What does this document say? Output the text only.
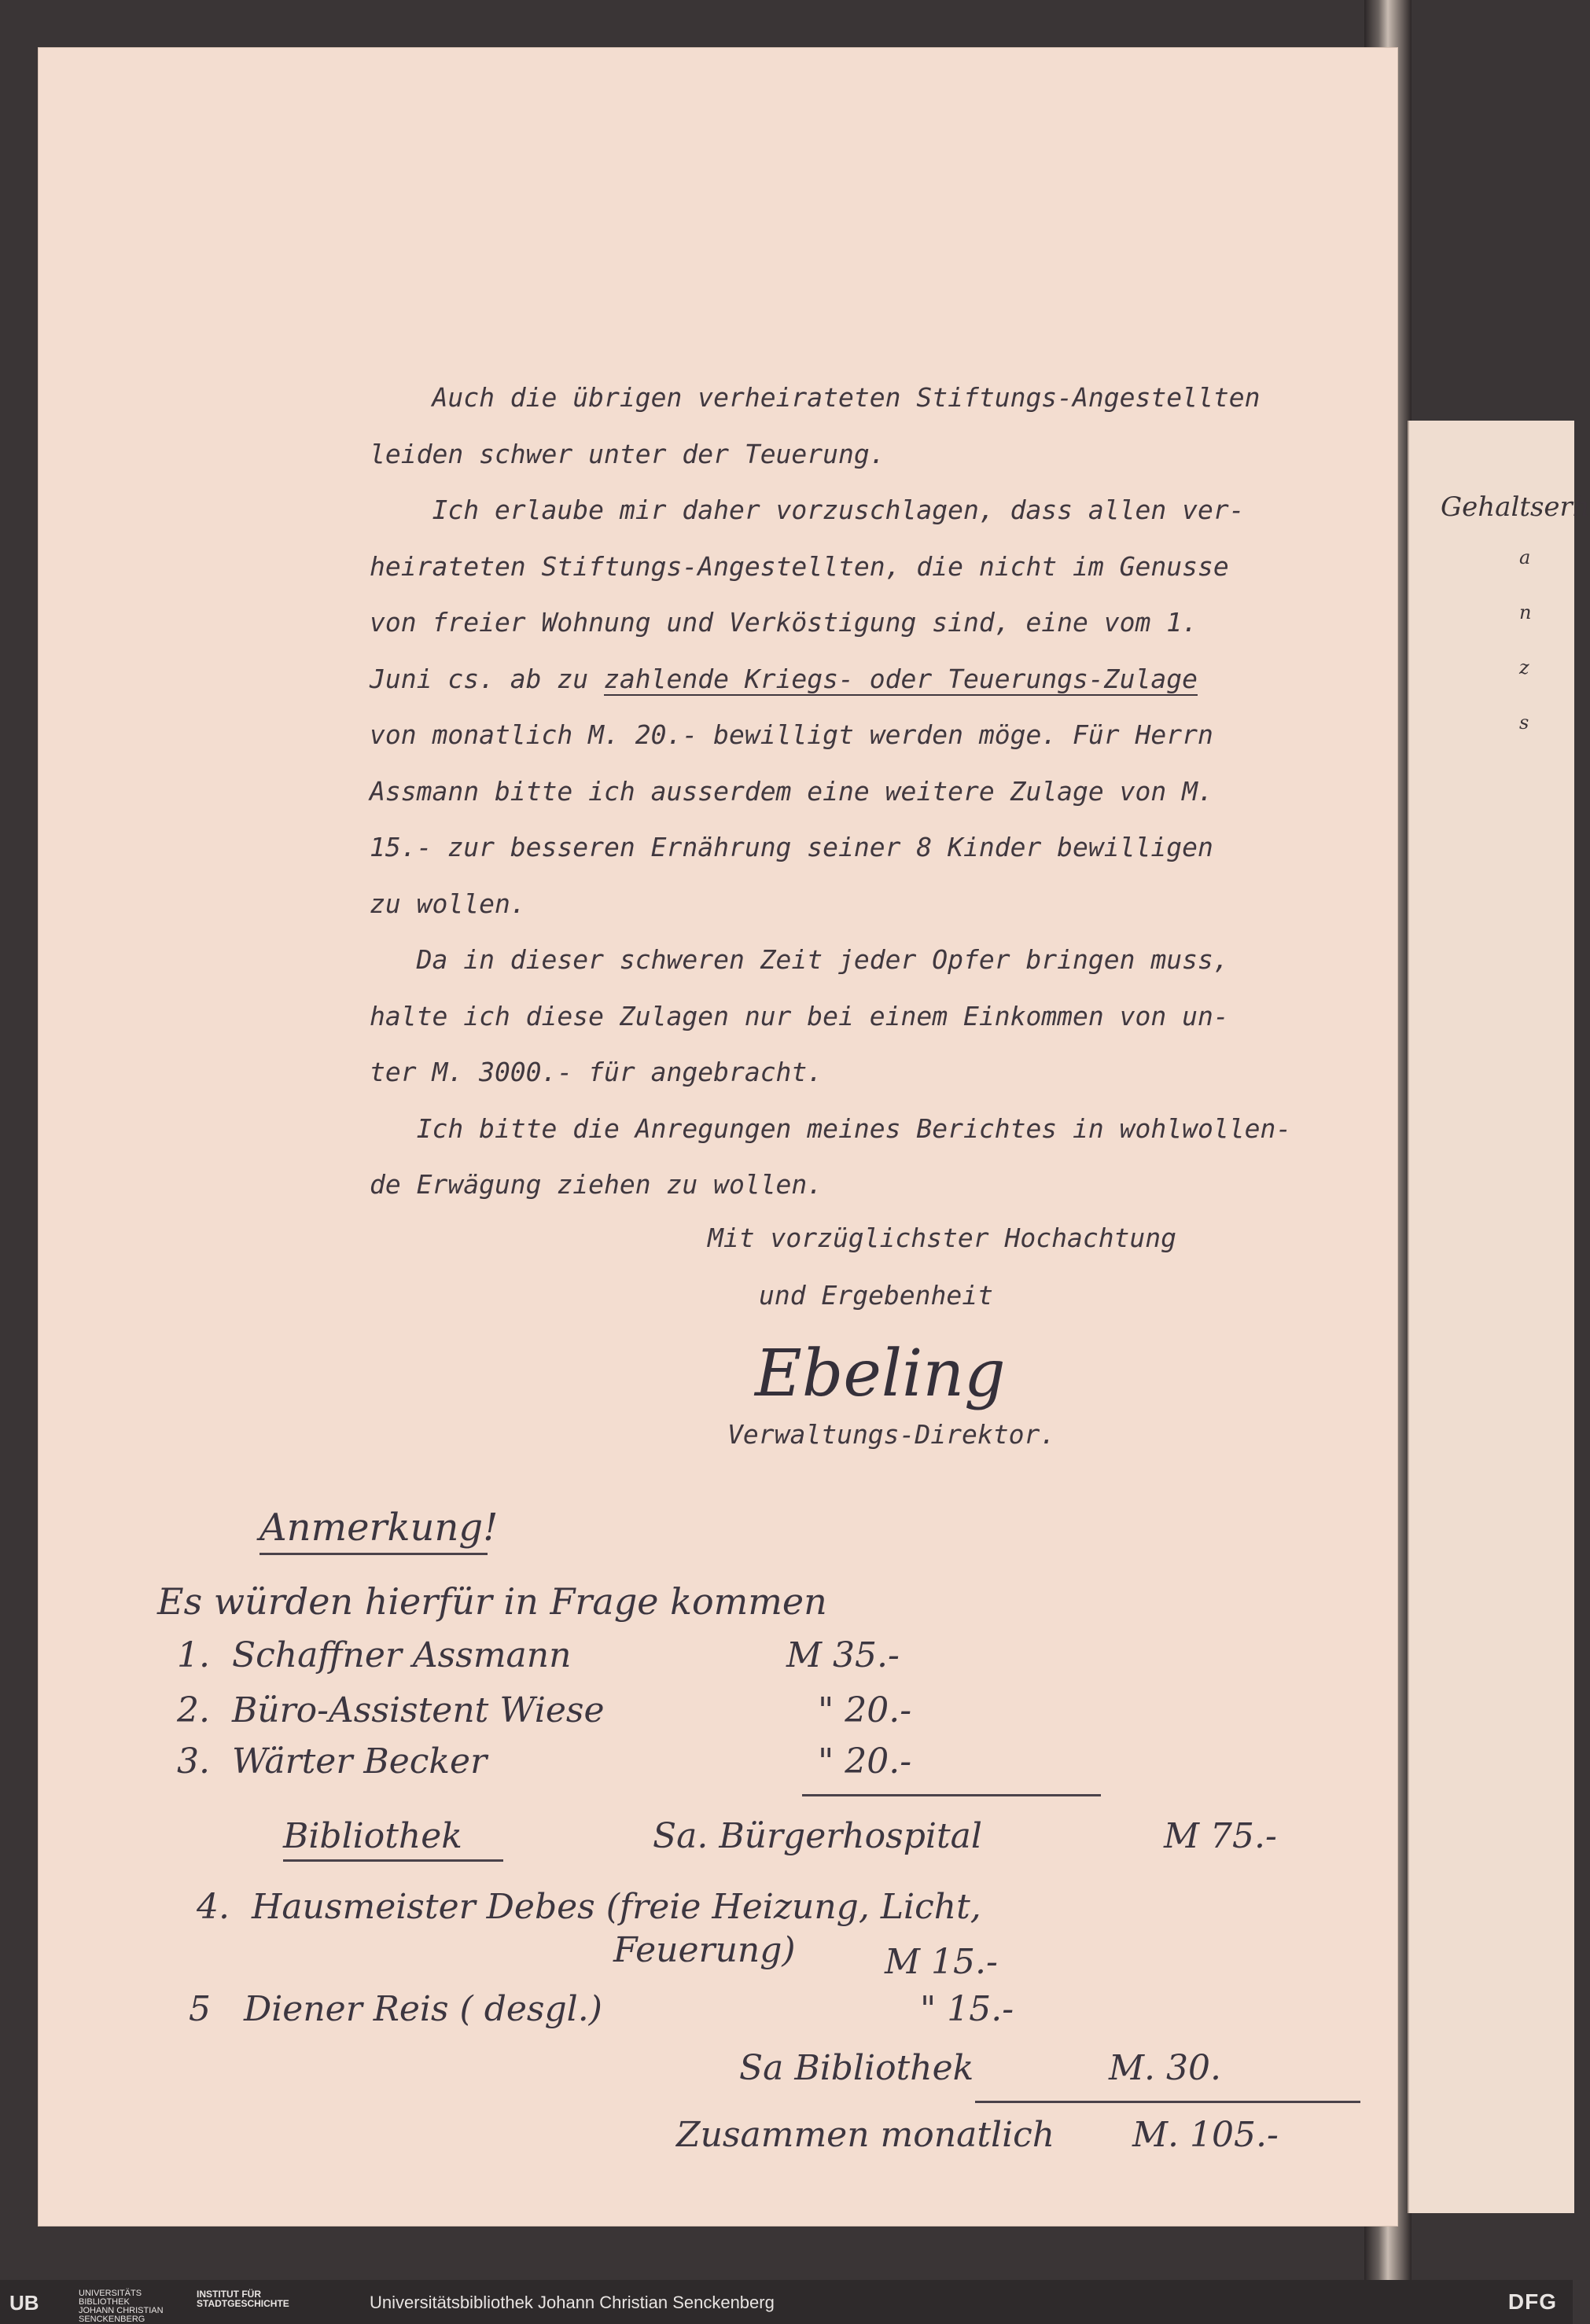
Gehaltserh
a
n
z
s

Auch die übrigen verheirateten Stiftungs-Angestellten

leiden schwer unter der Teuerung.

Ich erlaube mir daher vorzuschlagen, dass allen ver-

heirateten Stiftungs-Angestellten, die nicht im Genusse

von freier Wohnung und Verköstigung sind, eine vom 1.

Juni cs. ab zu zahlende Kriegs- oder Teuerungs-Zulage

von monatlich M. 20.- bewilligt werden möge. Für Herrn

Assmann bitte ich ausserdem eine weitere Zulage von M.

15.- zur besseren Ernährung seiner 8 Kinder bewilligen

zu wollen.

Da in dieser schweren Zeit jeder Opfer bringen muss,

halte ich diese Zulagen nur bei einem Einkommen von un-

ter M. 3000.- für angebracht.

Ich bitte die Anregungen meines Berichtes in wohlwollen-

de Erwägung ziehen zu wollen.

Mit vorzüglichster Hochachtung
und Ergebenheit
Ebeling
Verwaltungs-Direktor.
Anmerkung!
Es würden hierfür in Frage kommen
1.  Schaffner Assmann	M 35.-
2.  Büro-Assistent Wiese	" 20.-
3.  Wärter Becker	" 20.-
Bibliothek	Sa. Bürgerhospital	M 75.-
4.  Hausmeister Debes (freie Heizung, Licht,
Feuerung)	M 15.-
5   Diener Reis ( desgl.)	" 15.-
Sa Bibliothek	M. 30.
Zusammen monatlich M. 105.-
UB	UNIVERSITÄTS BIBLIOTHEK JOHANN CHRISTIAN SENCKENBERG
INSTITUT FÜR STADTGESCHICHTE	Universitätsbibliothek Johann Christian Senckenberg	DFG
